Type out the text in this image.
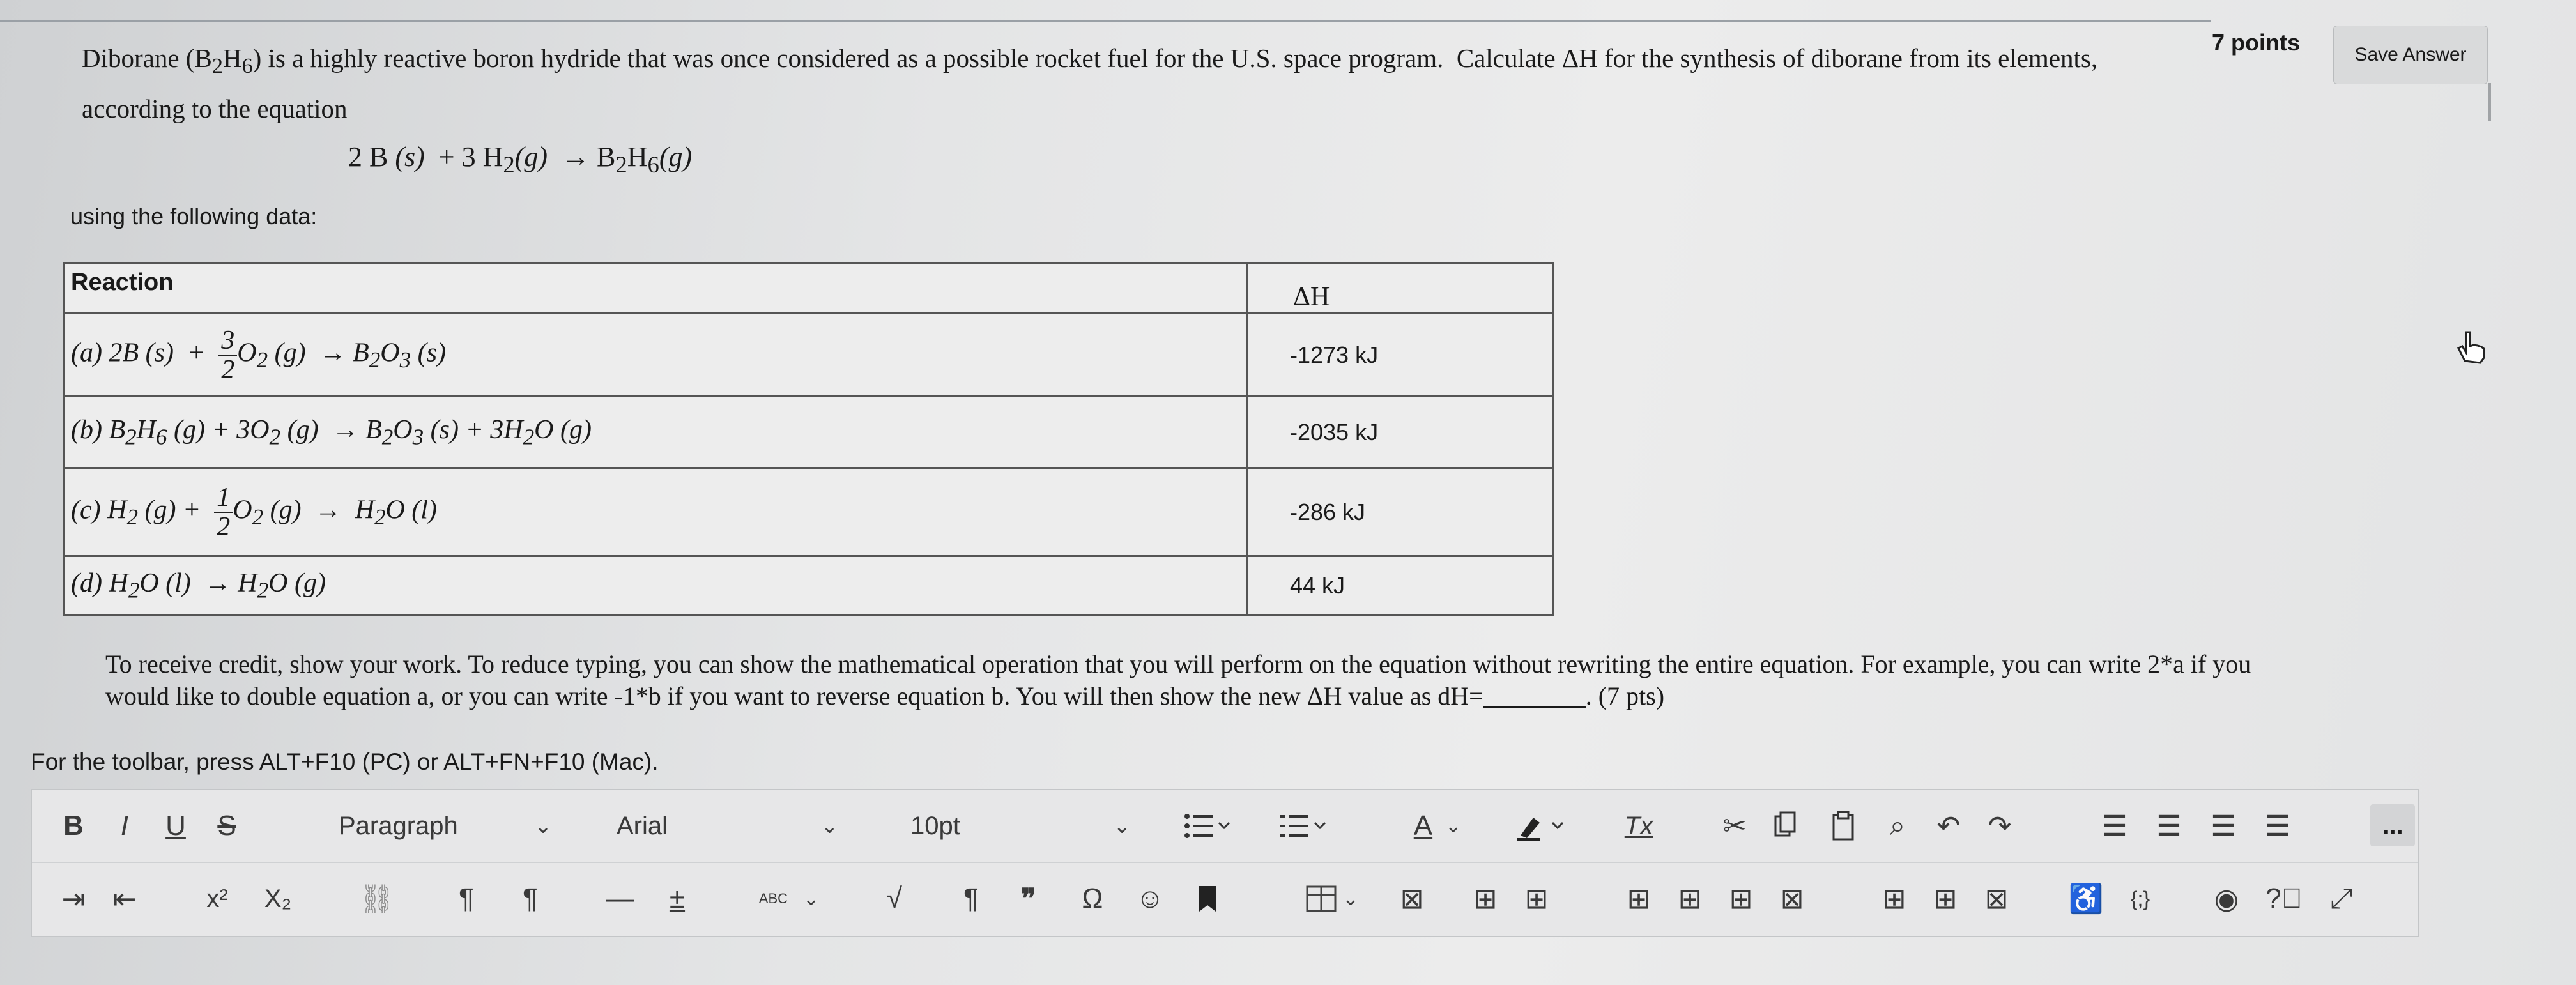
7 points	Save Answer
Diborane $(B_2H_6)$ is a highly reactive boron hydride that was once considered as a possible rocket fuel for the U.S. space program.  Calculate ΔH for the synthesis of diborane from its elements,
according to the equation
2 B (s)  + 3 $H_2(g) \to B_2H_6(g)$
using the following data:
Reaction	ΔH
(a) 2B $(s) + \frac{3}{2} O_2$ $(g) \to B_2O_3$ (s)	-1273 kJ
(b) $B_2H_6$ $(g) + 3O_2$ $(g) \to B_2O_3$ $(s) + 3H_2O$ (g)	-2035 kJ
(c) $H_2$ $(g) + \frac{1}{2} O_2$ $(g) \to H_2O$ (l)	-286 kJ
(d) $H_2O$ $(l) \to H_2O$ (g)	44 kJ
To receive credit, show your work. To reduce typing, you can show the mathematical operation that you will perform on the equation without rewriting the entire equation. For example, you can write 2*a if you
would like to double equation a, or you can write -1*b if you want to reverse equation b. You will then show the new ΔH value as dH=________. (7 pts)
For the toolbar, press ALT+F10 (PC) or ALT+FN+F10 (Mac).
B	I	U	S	Paragraph	⌄	Arial	⌄	10pt	⌄	A ⌄	Tx	✂	⌕ ↶ ↷	☰ ☰ ☰ ☰	...
⇥ ⇤	x²	X₂	⛓ ¶ ¶ —	±	ABC ⌄ √ ¶	❞	Ω	☺	⌄ ⊠ ⊞ ⊞	⊞ ⊞ ⊞ ⊠	⊞ ⊞ ⊠ ♿	{;}	◉ ?⃝ ⤢
